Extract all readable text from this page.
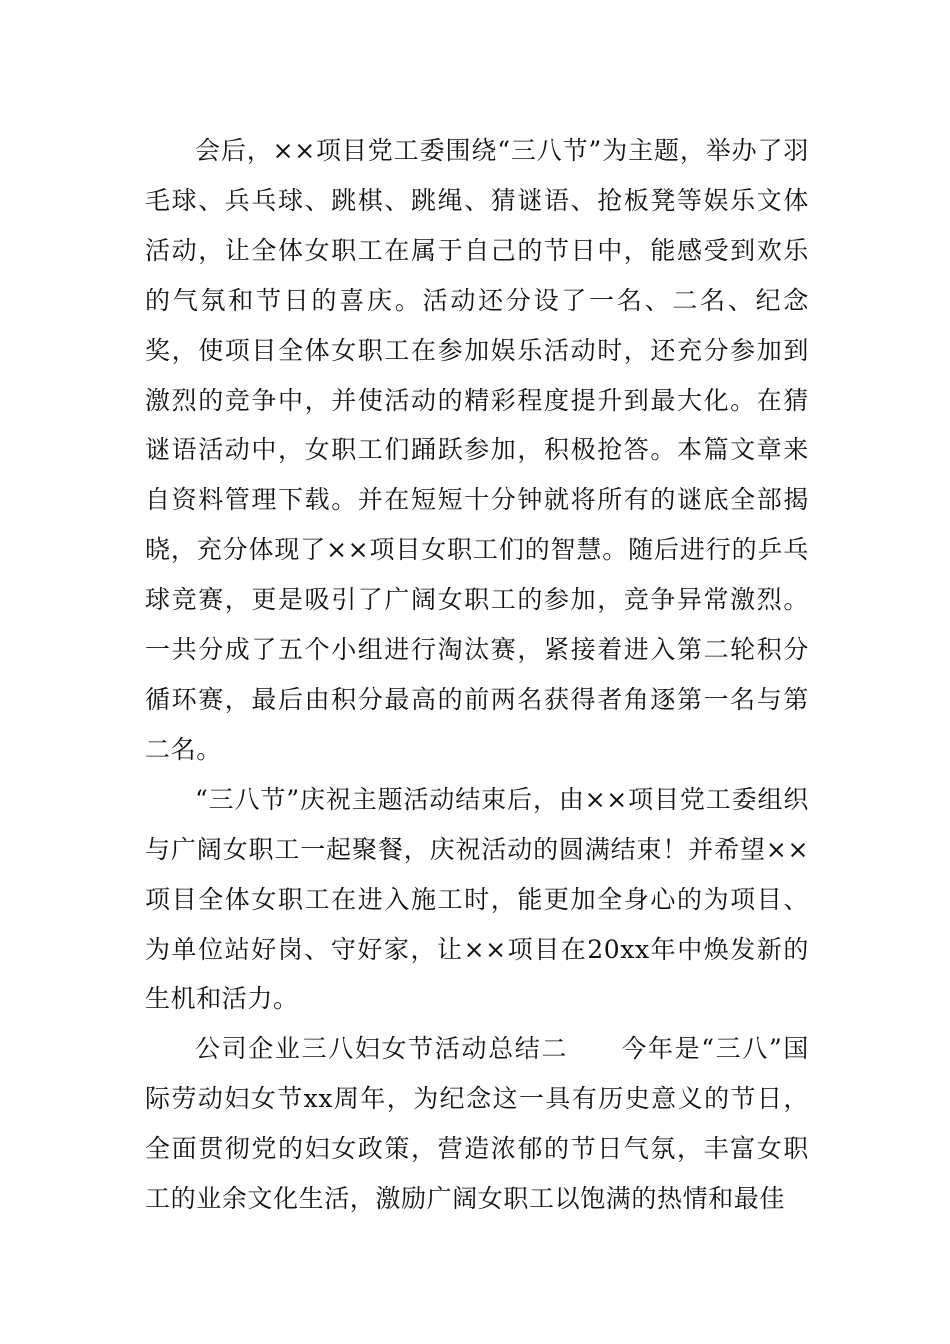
会后，××项目党工委围绕“三八节”为主题，举办了羽毛球、兵乓球、跳棋、跳绳、猜谜语、抢板凳等娱乐文体活动，让全体女职工在属于自己的节日中，能感受到欢乐的气氛和节日的喜庆。活动还分设了一名、二名、纪念奖，使项目全体女职工在参加娱乐活动时，还充分参加到激烈的竞争中，并使活动的精彩程度提升到最大化。在猜谜语活动中，女职工们踊跃参加，积极抢答。本篇文章来自资料管理下载。并在短短十分钟就将所有的谜底全部揭晓，充分体现了××项目女职工们的智慧。随后进行的乒乓球竞赛，更是吸引了广阔女职工的参加，竞争异常激烈。一共分成了五个小组进行淘汰赛，紧接着进入第二轮积分循环赛，最后由积分最高的前两名获得者角逐第一名与第二名。

“三八节”庆祝主题活动结束后，由××项目党工委组织与广阔女职工一起聚餐，庆祝活动的圆满结束！并希望××项目全体女职工在进入施工时，能更加全身心的为项目、为单位站好岗、守好家，让××项目在20xx年中焕发新的生机和活力。

公司企业三八妇女节活动总结二　　今年是“三八”国际劳动妇女节xx周年，为纪念这一具有历史意义的节日，全面贯彻党的妇女政策，营造浓郁的节日气氛，丰富女职工的业余文化生活，激励广阔女职工以饱满的热情和最佳
